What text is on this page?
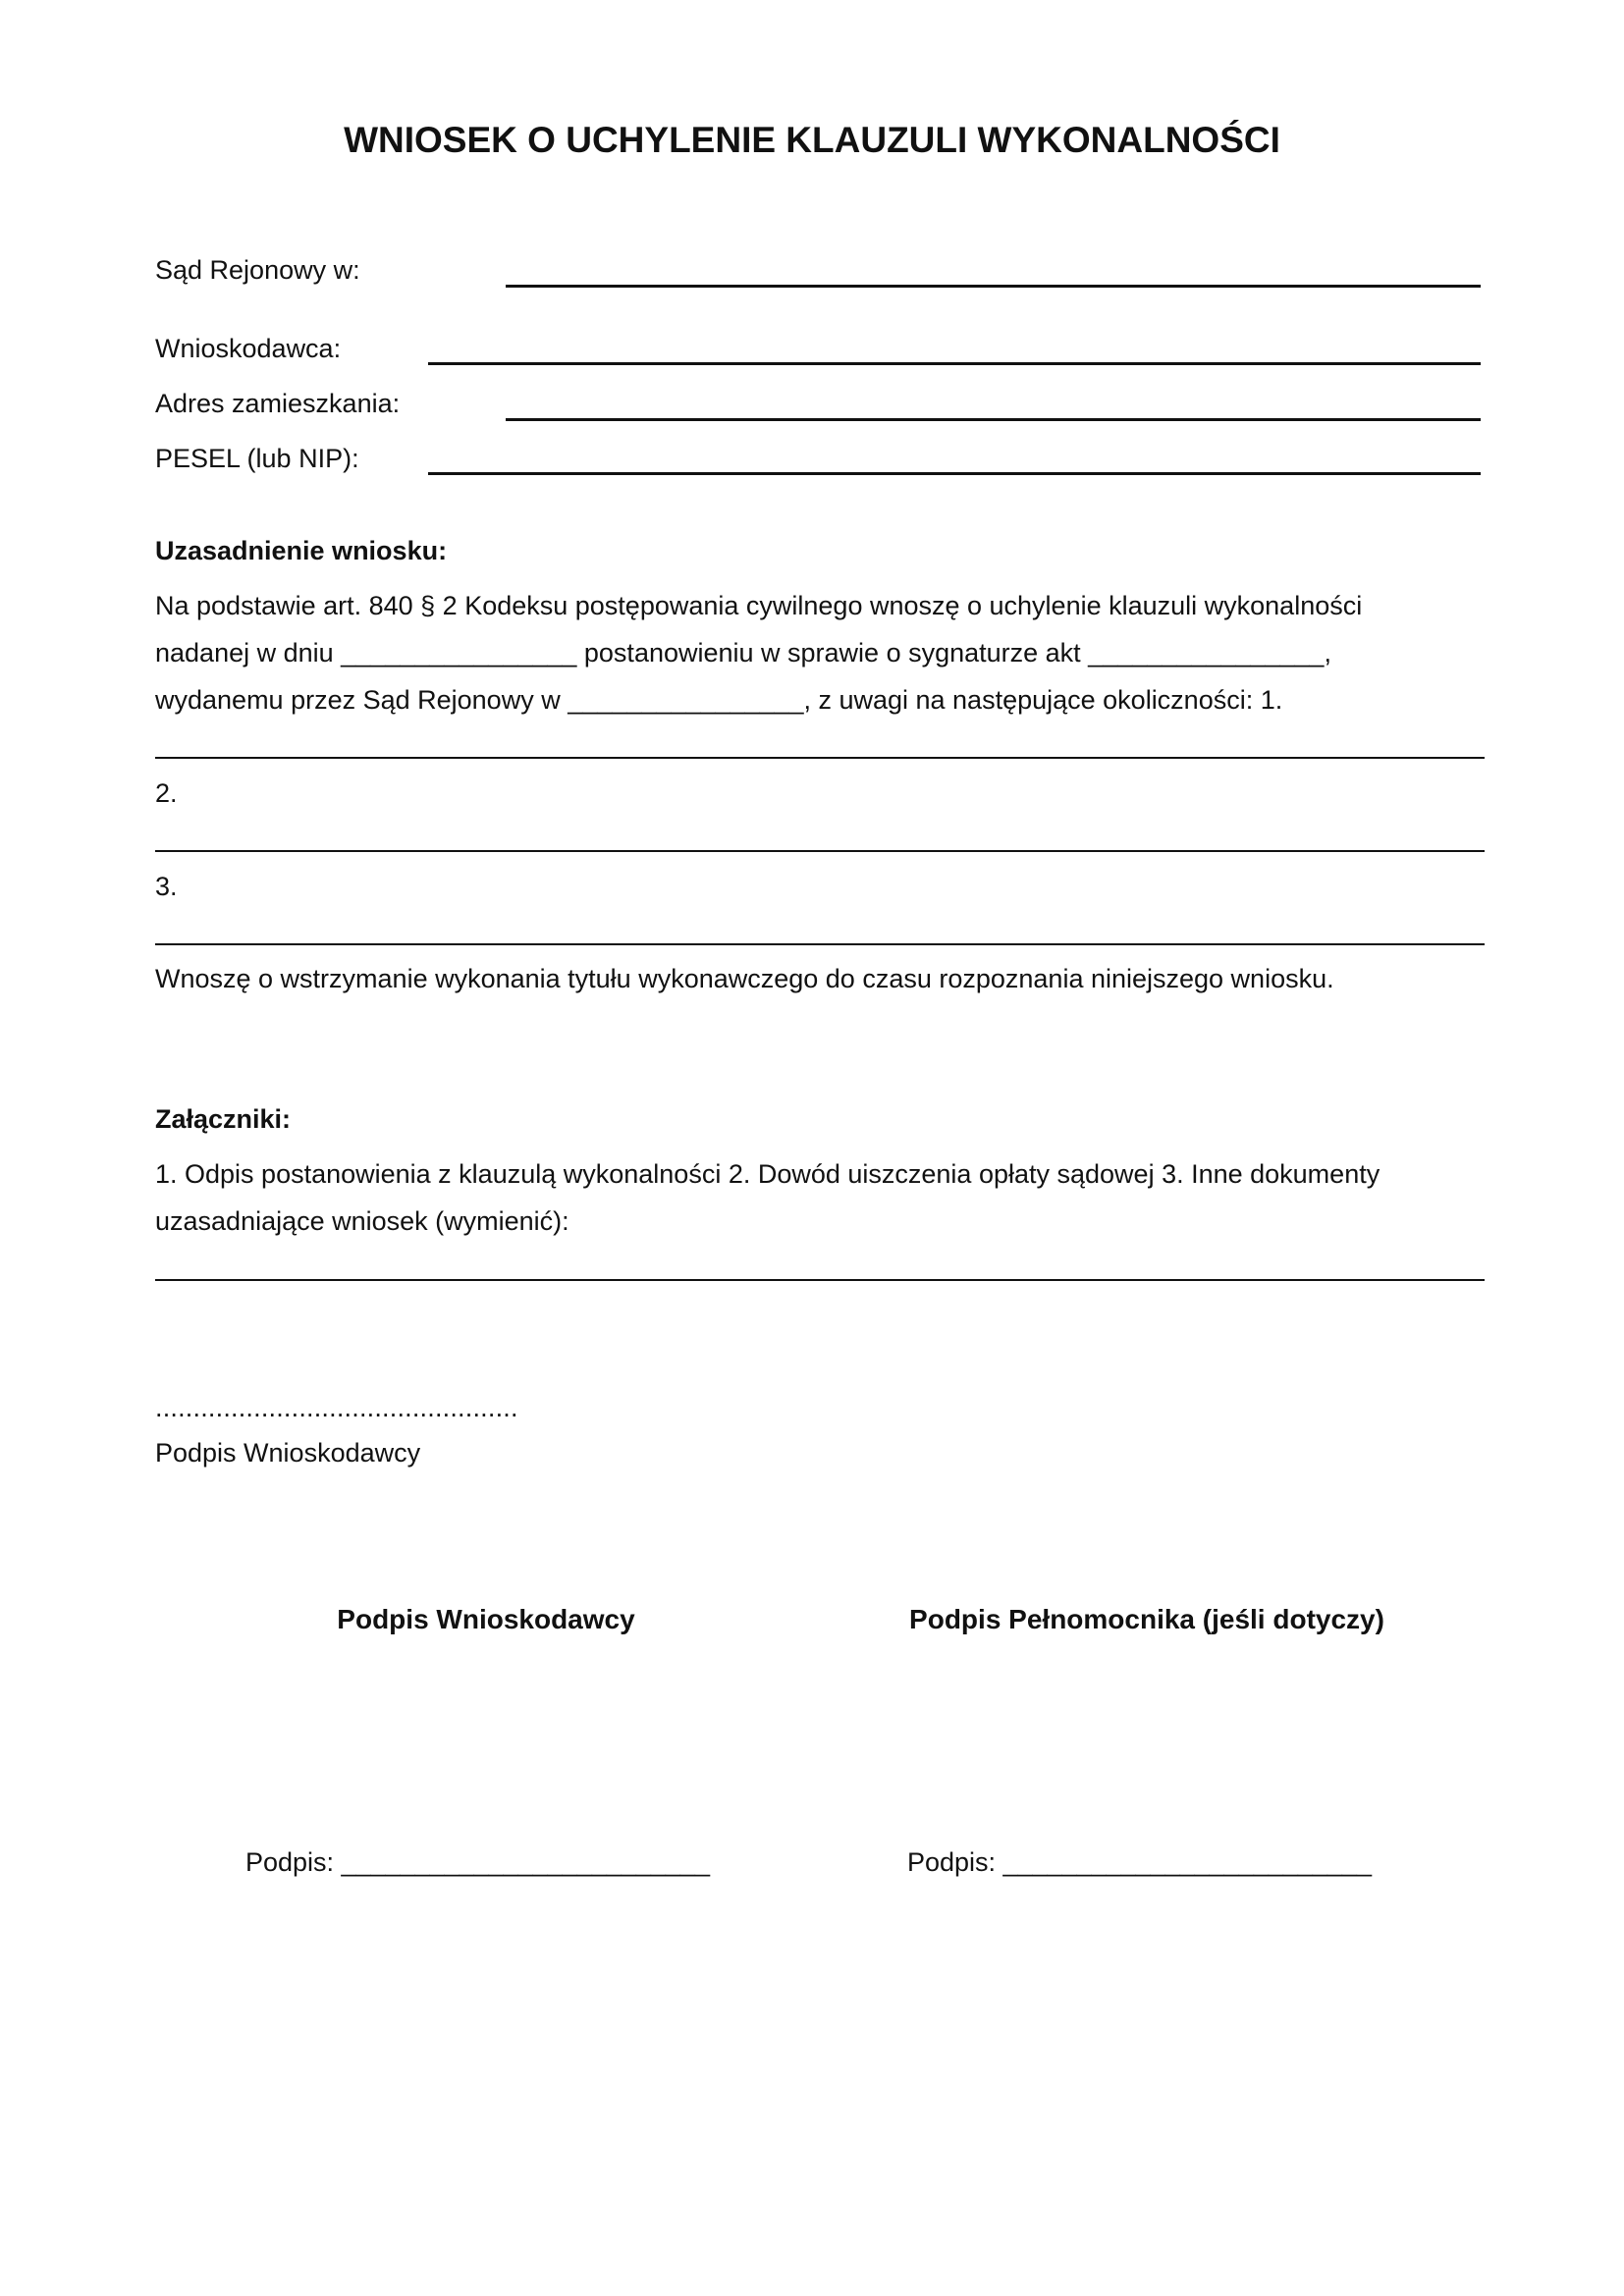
WNIOSEK O UCHYLENIE KLAUZULI WYKONALNOŚCI
Sąd Rejonowy w:
Wnioskodawca:
Adres zamieszkania:
PESEL (lub NIP):
Uzasadnienie wniosku:
Na podstawie art. 840 § 2 Kodeksu postępowania cywilnego wnoszę o uchylenie klauzuli wykonalności
nadanej w dniu ________________ postanowieniu w sprawie o sygnaturze akt ________________,
wydanemu przez Sąd Rejonowy w ________________, z uwagi na następujące okoliczności: 1.
2.
3.
Wnoszę o wstrzymanie wykonania tytułu wykonawczego do czasu rozpoznania niniejszego wniosku.
Załączniki:
1. Odpis postanowienia z klauzulą wykonalności 2. Dowód uiszczenia opłaty sądowej 3. Inne dokumenty
uzasadniające wniosek (wymienić):
................................................
Podpis Wnioskodawcy
Podpis Wnioskodawcy	Podpis Pełnomocnika (jeśli dotyczy)
Podpis: _________________________	Podpis: _________________________
